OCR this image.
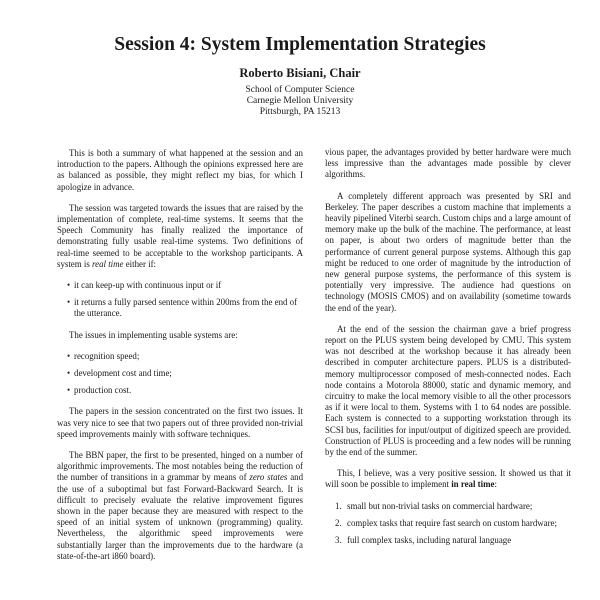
Session 4: System Implementation Strategies
Roberto Bisiani, Chair
School of Computer Science
Carnegie Mellon University
Pittsburgh, PA 15213

This is both a summary of what happened at the session and an introduction to the papers. Although the opinions expressed here are as balanced as possible, they might reflect my bias, for which I apologize in advance.

The session was targeted towards the issues that are raised by the implementation of complete, real-time systems. It seems that the Speech Community has finally realized the importance of demonstrating fully usable real-time systems. Two definitions of real-time seemed to be acceptable to the workshop participants. A system is real time either if:

• it can keep-up with continuous input or if
• it returns a fully parsed sentence within 200ms from the end of the utterance.

The issues in implementing usable systems are:

• recognition speed;
• development cost and time;
• production cost.

The papers in the session concentrated on the first two issues. It was very nice to see that two papers out of three provided non-trivial speed improvements mainly with software techniques.

The BBN paper, the first to be presented, hinged on a number of algorithmic improvements. The most notables being the reduction of the number of transitions in a grammar by means of zero states and the use of a suboptimal but fast Forward-Backward Search. It is difficult to precisely evaluate the relative improvement figures shown in the paper because they are measured with respect to the speed of an initial system of unknown (programming) quality. Nevertheless, the algorithmic speed improvements were substantially larger than the improvements due to the hardware (a state-of-the-art i860 board).

vious paper, the advantages provided by better hardware were much less impressive than the advantages made possible by clever algorithms.

A completely different approach was presented by SRI and Berkeley. The paper describes a custom machine that implements a heavily pipelined Viterbi search. Custom chips and a large amount of memory make up the bulk of the machine. The performance, at least on paper, is about two orders of magnitude better than the performance of current general purpose systems. Although this gap might be reduced to one order of magnitude by the introduction of new general purpose systems, the performance of this system is potentially very impressive. The audience had questions on technology (MOSIS CMOS) and on availability (sometime towards the end of the year).

At the end of the session the chairman gave a brief progress report on the PLUS system being developed by CMU. This system was not described at the workshop because it has already been described in computer architecture papers. PLUS is a distributed-memory multiprocessor composed of mesh-connected nodes. Each node contains a Motorola 88000, static and dynamic memory, and circuitry to make the local memory visible to all the other processors as if it were local to them. Systems with 1 to 64 nodes are possible. Each system is connected to a supporting workstation through its SCSI bus, facilities for input/output of digitized speech are provided. Construction of PLUS is proceeding and a few nodes will be running by the end of the summer.

This, I believe, was a very positive session. It showed us that it will soon be possible to implement in real time:

1. small but non-trivial tasks on commercial hardware;
2. complex tasks that require fast search on custom hardware;
3. full complex tasks, including natural language
